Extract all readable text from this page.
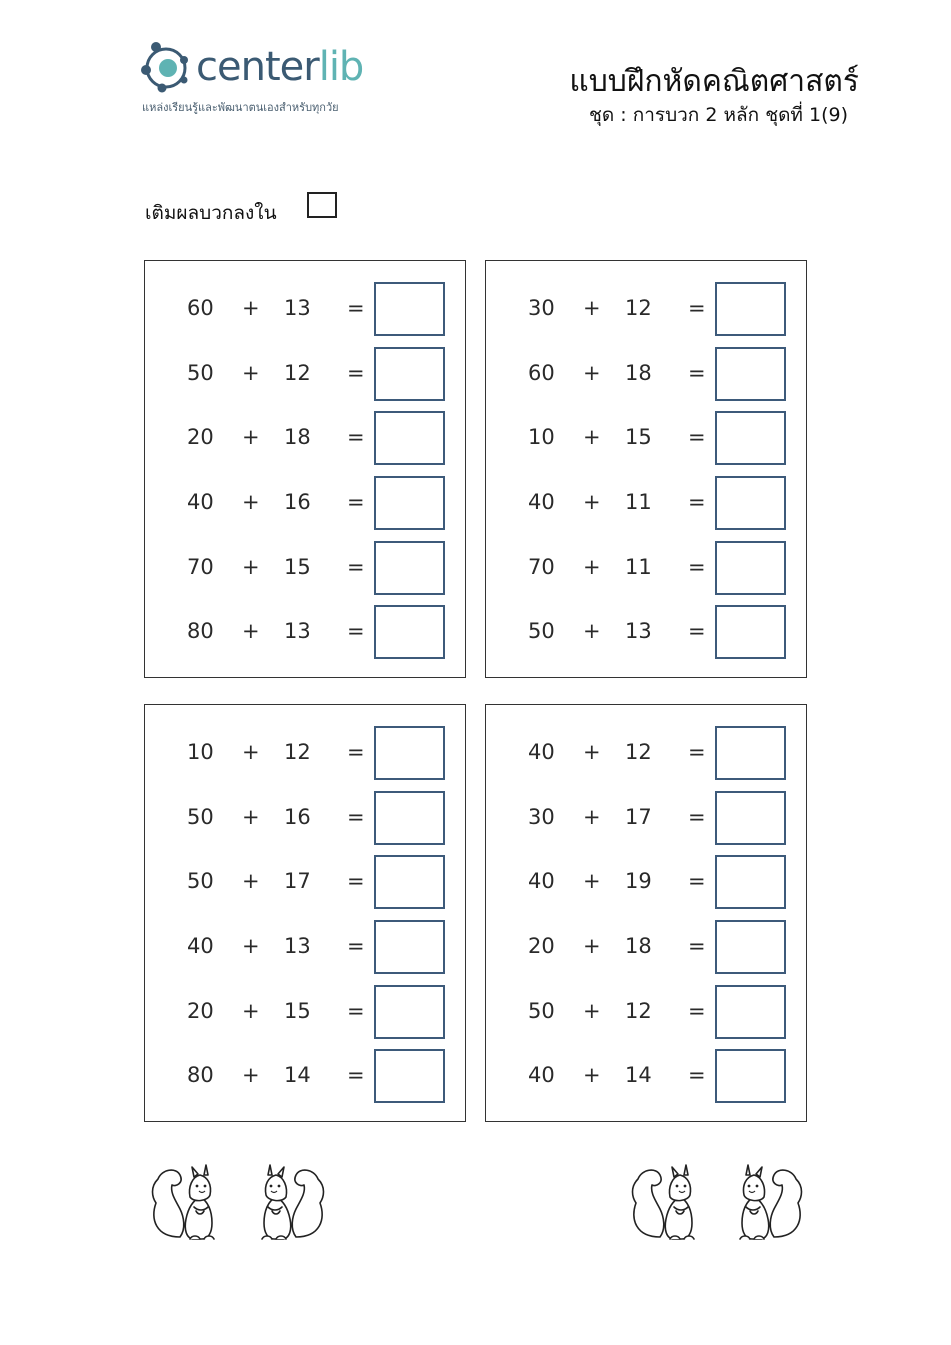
centerlib
แหล่งเรียนรู้และพัฒนาตนเองสำหรับทุกวัย
แบบฝึกหัดคณิตศาสตร์
ชุด : การบวก 2 หลัก ชุดที่ 1(9)
เติมผลบวกลงใน
60 + 13 =
50 + 12 =
20 + 18 =
40 + 16 =
70 + 15 =
80 + 13 =
30 + 12 =
60 + 18 =
10 + 15 =
40 + 11 =
70 + 11 =
50 + 13 =
10 + 12 =
50 + 16 =
50 + 17 =
40 + 13 =
20 + 15 =
80 + 14 =
40 + 12 =
30 + 17 =
40 + 19 =
20 + 18 =
50 + 12 =
40 + 14 =
